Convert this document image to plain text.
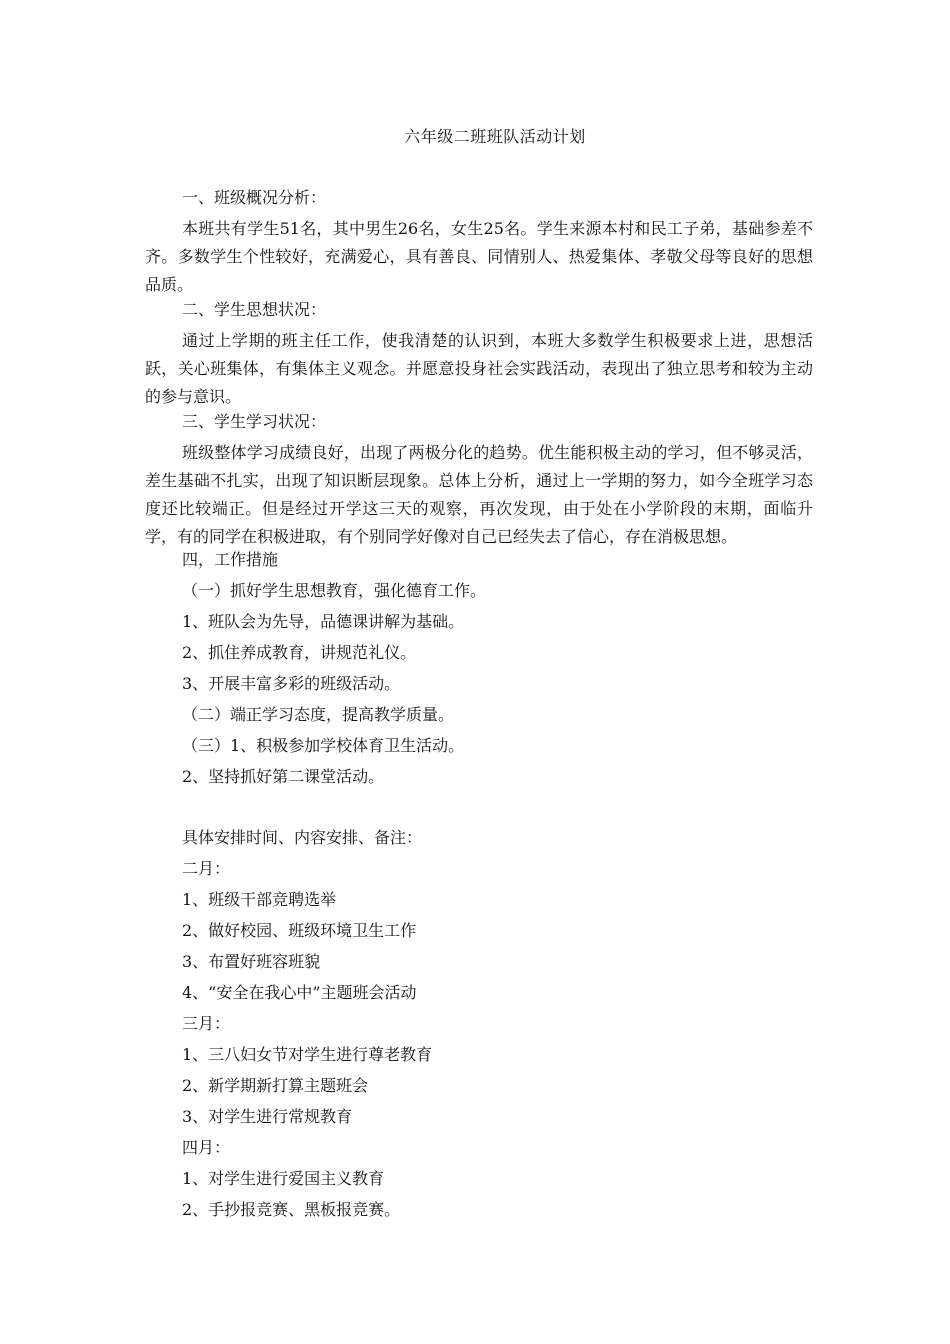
六年级二班班队活动计划
一、班级概况分析：
本班共有学生51名，其中男生26名，女生25名。学生来源本村和民工子弟，基础参差不齐。多数学生个性较好，充满爱心，具有善良、同情别人、热爱集体、孝敬父母等良好的思想品质。
二、学生思想状况：
通过上学期的班主任工作，使我清楚的认识到，本班大多数学生积极要求上进，思想活跃，关心班集体，有集体主义观念。并愿意投身社会实践活动，表现出了独立思考和较为主动的参与意识。
三、学生学习状况：
班级整体学习成绩良好，出现了两极分化的趋势。优生能积极主动的学习，但不够灵活，差生基础不扎实，出现了知识断层现象。总体上分析，通过上一学期的努力，如今全班学习态度还比较端正。但是经过开学这三天的观察，再次发现，由于处在小学阶段的末期，面临升学，有的同学在积极进取，有个别同学好像对自己已经失去了信心，存在消极思想。
四，工作措施
（一）抓好学生思想教育，强化德育工作。
1、班队会为先导，品德课讲解为基础。
2、抓住养成教育，讲规范礼仪。
3、开展丰富多彩的班级活动。
（二）端正学习态度，提高教学质量。
（三）1、积极参加学校体育卫生活动。
2、坚持抓好第二课堂活动。
具体安排时间、内容安排、备注：
二月：
1、班级干部竞聘选举
2、做好校园、班级环境卫生工作
3、布置好班容班貌
4、“安全在我心中”主题班会活动
三月：
1、三八妇女节对学生进行尊老教育
2、新学期新打算主题班会
3、对学生进行常规教育
四月：
1、对学生进行爱国主义教育
2、手抄报竞赛、黑板报竞赛。
